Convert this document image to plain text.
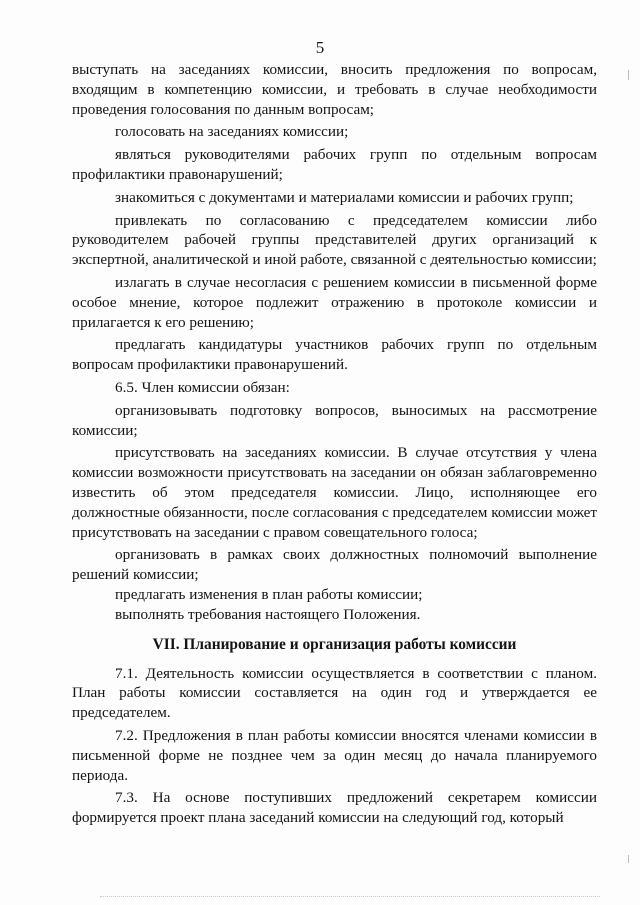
5

выступать на заседаниях комиссии, вносить предложения по вопросам, входящим в компетенцию комиссии, и требовать в случае необходимости проведения голосования по данным вопросам;

голосовать на заседаниях комиссии;

являться руководителями рабочих групп по отдельным вопросам профилактики правонарушений;

знакомиться с документами и материалами комиссии и рабочих групп;

привлекать по согласованию с председателем комиссии либо руководителем рабочей группы представителей других организаций к экспертной, аналитической и иной работе, связанной с деятельностью комиссии;

излагать в случае несогласия с решением комиссии в письменной форме особое мнение, которое подлежит отражению в протоколе комиссии и прилагается к его решению;

предлагать кандидатуры участников рабочих групп по отдельным вопросам профилактики правонарушений.

6.5. Член комиссии обязан:

организовывать подготовку вопросов, выносимых на рассмотрение комиссии;

присутствовать на заседаниях комиссии. В случае отсутствия у члена комиссии возможности присутствовать на заседании он обязан заблаговременно известить об этом председателя комиссии. Лицо, исполняющее его должностные обязанности, после согласования с председателем комиссии может присутствовать на заседании с правом совещательного голоса;

организовать в рамках своих должностных полномочий выполнение решений комиссии;

предлагать изменения в план работы комиссии;

выполнять требования настоящего Положения.

VII. Планирование и организация работы комиссии

7.1. Деятельность комиссии осуществляется в соответствии с планом. План работы комиссии составляется на один год и утверждается ее председателем.

7.2. Предложения в план работы комиссии вносятся членами комиссии в письменной форме не позднее чем за один месяц до начала планируемого периода.

7.3. На основе поступивших предложений секретарем комиссии формируется проект плана заседаний комиссии на следующий год, который
